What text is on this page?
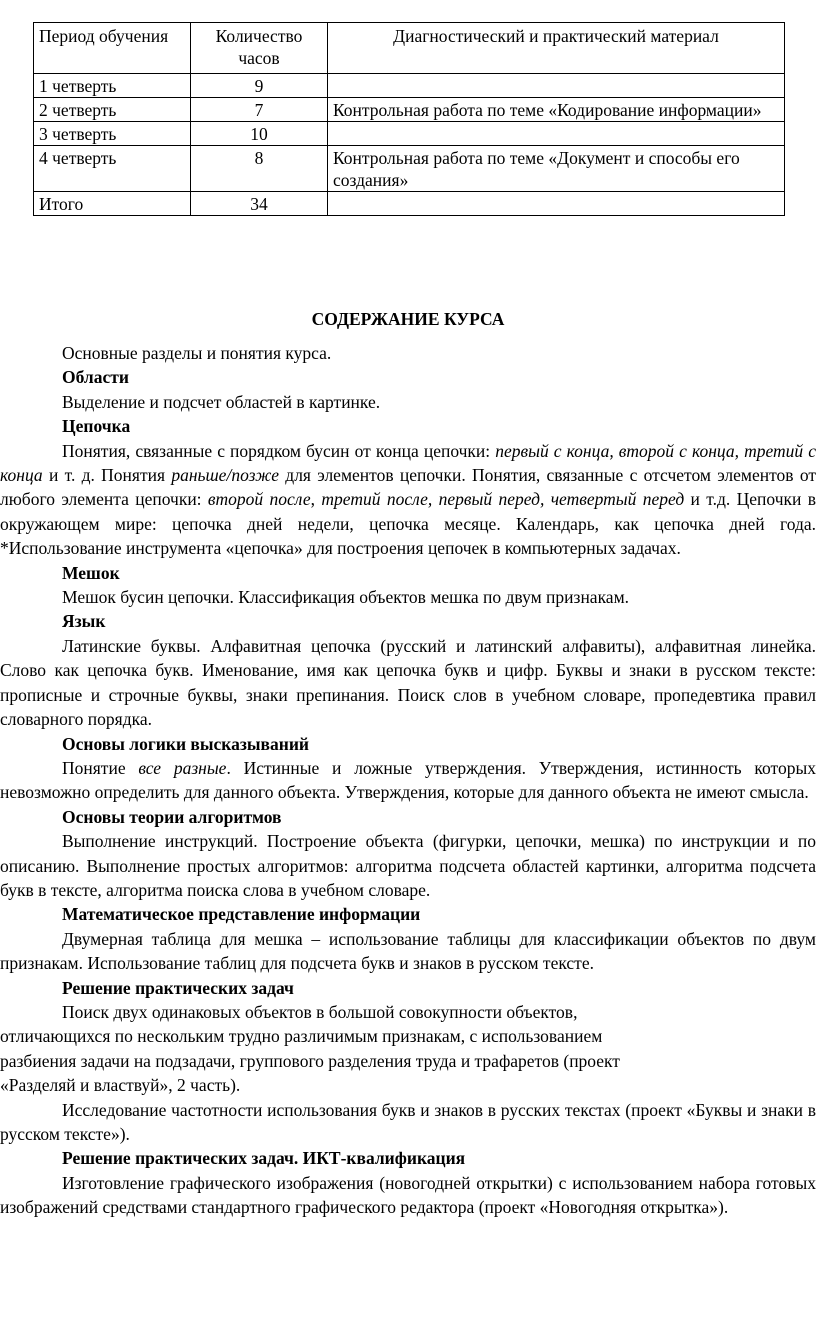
Период обучения	Количество часов	Диагностический и практический материал
1 четверть	9	
2 четверть	7	Контрольная работа по теме «Кодирование информации»
3 четверть	10	
4 четверть	8	Контрольная работа по теме «Документ и способы его создания»
Итого	34	
СОДЕРЖАНИЕ КУРСА

Основные разделы и понятия курса.

Области

Выделение и подсчет областей в картинке.

Цепочка

Понятия, связанные с порядком бусин от конца цепочки: первый с конца, второй с конца, третий с конца и т. д. Понятия раньше/позже для элементов цепочки. Понятия, связанные с отсчетом элементов от любого элемента цепочки: второй после, третий после, первый перед, четвертый перед и т.д. Цепочки в окружающем мире: цепочка дней недели, цепочка месяце. Календарь, как цепочка дней года. *Использование инструмента «цепочка» для построения цепочек в компьютерных задачах.

Мешок

Мешок бусин цепочки. Классификация объектов мешка по двум признакам.

Язык

Латинские буквы. Алфавитная цепочка (русский и латинский алфавиты), алфавитная линейка. Слово как цепочка букв. Именование, имя как цепочка букв и цифр. Буквы и знаки в русском тексте: прописные и строчные буквы, знаки препинания. Поиск слов в учебном словаре, пропедевтика правил словарного порядка.

Основы логики высказываний

Понятие все разные. Истинные и ложные утверждения. Утверждения, истинность которых невозможно определить для данного объекта. Утверждения, которые для данного объекта не имеют смысла.

Основы теории алгоритмов

Выполнение инструкций. Построение объекта (фигурки, цепочки, мешка) по инструкции и по описанию. Выполнение простых алгоритмов: алгоритма подсчета областей картинки, алгоритма подсчета букв в тексте, алгоритма поиска слова в учебном словаре.

Математическое представление информации

Двумерная таблица для мешка – использование таблицы для классификации объектов по двум признакам. Использование таблиц для подсчета букв и знаков в русском тексте.

Решение практических задач

Поиск двух одинаковых объектов в большой совокупности объектов,

отличающихся по нескольким трудно различимым признакам, с использованием

разбиения задачи на подзадачи, группового разделения труда и трафаретов (проект

«Разделяй и властвуй», 2 часть).

Исследование частотности использования букв и знаков в русских текстах (проект «Буквы и знаки в русском тексте»).

Решение практических задач. ИКТ-квалификация

Изготовление графического изображения (новогодней открытки) с использованием набора готовых изображений средствами стандартного графического редактора (проект «Новогодняя открытка»).
